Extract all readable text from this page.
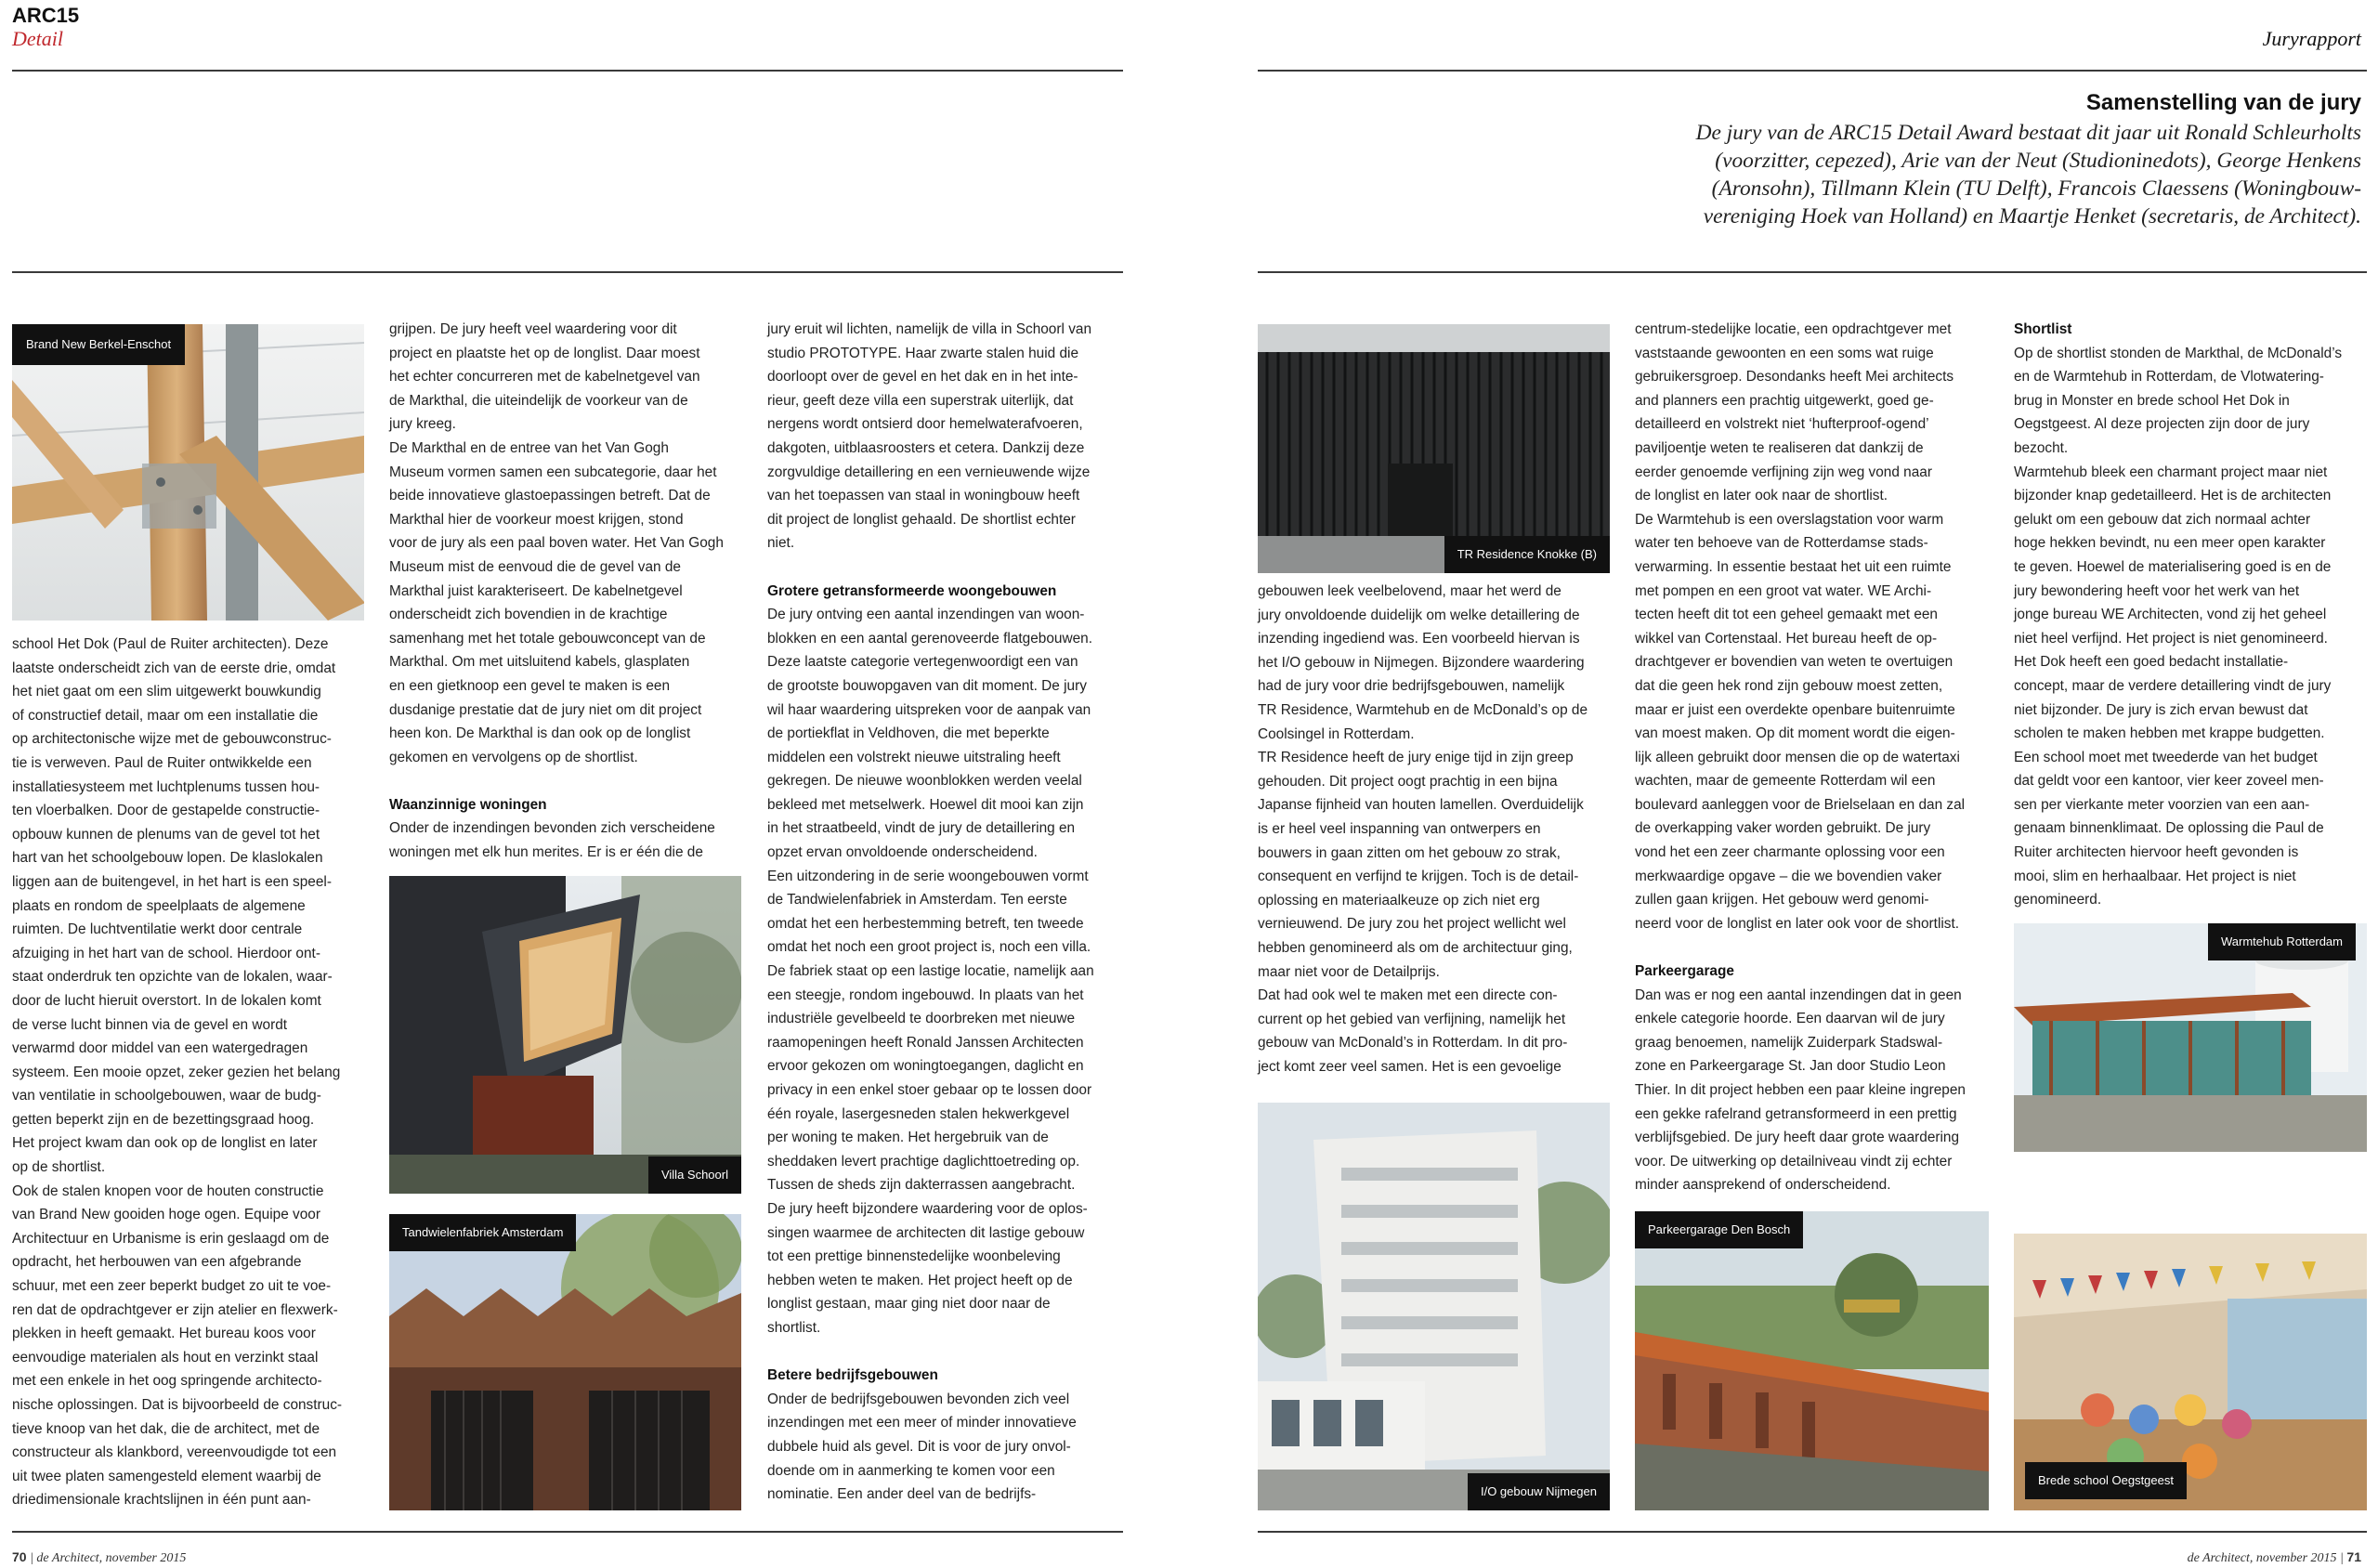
ARC15
Detail	Juryrapport
Samenstelling van de jury
De jury van de ARC15 Detail Award bestaat dit jaar uit Ronald Schleurholts
(voorzitter, cepezed), Arie van der Neut (Studioninedots), George Henkens
(Aronsohn), Tillmann Klein (TU Delft), Francois Claessens (Woningbouw-
vereniging Hoek van Holland) en Maartje Henket (secretaris, de Architect).
Brand New Berkel-Enschot
Villa Schoorl
Tandwielenfabriek Amsterdam
TR Residence Knokke (B)
I/O gebouw Nijmegen
Parkeergarage Den Bosch
Warmtehub Rotterdam
Brede school Oegstgeest

school Het Dok (Paul de Ruiter architecten). Deze
laatste onderscheidt zich van de eerste drie, omdat
het niet gaat om een slim uitgewerkt bouwkundig
of constructief detail, maar om een installatie die
op architectonische wijze met de gebouwconstruc-
tie is verweven. Paul de Ruiter ontwikkelde een
installatiesysteem met luchtplenums tussen hou-
ten vloerbalken. Door de gestapelde constructie-
opbouw kunnen de plenums van de gevel tot het
hart van het schoolgebouw lopen. De klaslokalen
liggen aan de buitengevel, in het hart is een speel-
plaats en rondom de speelplaats de algemene
ruimten. De luchtventilatie werkt door centrale
afzuiging in het hart van de school. Hierdoor ont-
staat onderdruk ten opzichte van de lokalen, waar-
door de lucht hieruit overstort. In de lokalen komt
de verse lucht binnen via de gevel en wordt
verwarmd door middel van een watergedragen
systeem. Een mooie opzet, zeker gezien het belang
van ventilatie in schoolgebouwen, waar de budg-
getten beperkt zijn en de bezettingsgraad hoog.
Het project kwam dan ook op de longlist en later
op de shortlist.
Ook de stalen knopen voor de houten constructie
van Brand New gooiden hoge ogen. Equipe voor
Architectuur en Urbanisme is erin geslaagd om de
opdracht, het herbouwen van een afgebrande
schuur, met een zeer beperkt budget zo uit te voe-
ren dat de opdrachtgever er zijn atelier en flexwerk-
plekken in heeft gemaakt. Het bureau koos voor
eenvoudige materialen als hout en verzinkt staal
met een enkele in het oog springende architecto-
nische oplossingen. Dat is bijvoorbeeld de construc-
tieve knoop van het dak, die de architect, met de
constructeur als klankbord, vereenvoudigde tot een
uit twee platen samengesteld element waarbij de
driedimensionale krachtslijnen in één punt aan-

grijpen. De jury heeft veel waardering voor dit
project en plaatste het op de longlist. Daar moest
het echter concurreren met de kabelnetgevel van
de Markthal, die uiteindelijk de voorkeur van de
jury kreeg.
De Markthal en de entree van het Van Gogh
Museum vormen samen een subcategorie, daar het
beide innovatieve glastoepassingen betreft. Dat de
Markthal hier de voorkeur moest krijgen, stond
voor de jury als een paal boven water. Het Van Gogh
Museum mist de eenvoud die de gevel van de
Markthal juist karakteriseert. De kabelnetgevel
onderscheidt zich bovendien in de krachtige
samenhang met het totale gebouwconcept van de
Markthal. Om met uitsluitend kabels, glasplaten
en een gietknoop een gevel te maken is een
dusdanige prestatie dat de jury niet om dit project
heen kon. De Markthal is dan ook op de longlist
gekomen en vervolgens op de shortlist.

Waanzinnige woningen

Onder de inzendingen bevonden zich verscheidene
woningen met elk hun merites. Er is er één die de

jury eruit wil lichten, namelijk de villa in Schoorl van
studio PROTOTYPE. Haar zwarte stalen huid die
doorloopt over de gevel en het dak en in het inte-
rieur, geeft deze villa een superstrak uiterlijk, dat
nergens wordt ontsierd door hemelwaterafvoeren,
dakgoten, uitblaasroosters et cetera. Dankzij deze
zorgvuldige detaillering en een vernieuwende wijze
van het toepassen van staal in woningbouw heeft
dit project de longlist gehaald. De shortlist echter
niet.

Grotere getransformeerde woongebouwen

De jury ontving een aantal inzendingen van woon-
blokken en een aantal gerenoveerde flatgebouwen.
Deze laatste categorie vertegenwoordigt een van
de grootste bouwopgaven van dit moment. De jury
wil haar waardering uitspreken voor de aanpak van
de portiekflat in Veldhoven, die met beperkte
middelen een volstrekt nieuwe uitstraling heeft
gekregen. De nieuwe woonblokken werden veelal
bekleed met metselwerk. Hoewel dit mooi kan zijn
in het straatbeeld, vindt de jury de detaillering en
opzet ervan onvoldoende onderscheidend.
Een uitzondering in de serie woongebouwen vormt
de Tandwielenfabriek in Amsterdam. Ten eerste
omdat het een herbestemming betreft, ten tweede
omdat het noch een groot project is, noch een villa.
De fabriek staat op een lastige locatie, namelijk aan
een steegje, rondom ingebouwd. In plaats van het
industriële gevelbeeld te doorbreken met nieuwe
raamopeningen heeft Ronald Janssen Architecten
ervoor gekozen om woningtoegangen, daglicht en
privacy in een enkel stoer gebaar op te lossen door
één royale, lasergesneden stalen hekwerkgevel
per woning te maken. Het hergebruik van de
sheddaken levert prachtige daglichttoetreding op.
Tussen de sheds zijn dakterrassen aangebracht.
De jury heeft bijzondere waardering voor de oplos-
singen waarmee de architecten dit lastige gebouw
tot een prettige binnenstedelijke woonbeleving
hebben weten te maken. Het project heeft op de
longlist gestaan, maar ging niet door naar de
shortlist.

Betere bedrijfsgebouwen

Onder de bedrijfsgebouwen bevonden zich veel
inzendingen met een meer of minder innovatieve
dubbele huid als gevel. Dit is voor de jury onvol-
doende om in aanmerking te komen voor een
nominatie. Een ander deel van de bedrijfs-

gebouwen leek veelbelovend, maar het werd de
jury onvoldoende duidelijk om welke detaillering de
inzending ingediend was. Een voorbeeld hiervan is
het I/O gebouw in Nijmegen. Bijzondere waardering
had de jury voor drie bedrijfsgebouwen, namelijk
TR Residence, Warmtehub en de McDonald’s op de
Coolsingel in Rotterdam.
TR Residence heeft de jury enige tijd in zijn greep
gehouden. Dit project oogt prachtig in een bijna
Japanse fijnheid van houten lamellen. Overduidelijk
is er heel veel inspanning van ontwerpers en
bouwers in gaan zitten om het gebouw zo strak,
consequent en verfijnd te krijgen. Toch is de detail-
oplossing en materiaalkeuze op zich niet erg
vernieuwend. De jury zou het project wellicht wel
hebben genomineerd als om de architectuur ging,
maar niet voor de Detailprijs.
Dat had ook wel te maken met een directe con-
current op het gebied van verfijning, namelijk het
gebouw van McDonald’s in Rotterdam. In dit pro-
ject komt zeer veel samen. Het is een gevoelige

centrum-stedelijke locatie, een opdrachtgever met
vaststaande gewoonten en een soms wat ruige
gebruikersgroep. Desondanks heeft Mei architects
and planners een prachtig uitgewerkt, goed ge-
detailleerd en volstrekt niet ‘hufterproof-ogend’
paviljoentje weten te realiseren dat dankzij de
eerder genoemde verfijning zijn weg vond naar
de longlist en later ook naar de shortlist.
De Warmtehub is een overslagstation voor warm
water ten behoeve van de Rotterdamse stads-
verwarming. In essentie bestaat het uit een ruimte
met pompen en een groot vat water. WE Archi-
tecten heeft dit tot een geheel gemaakt met een
wikkel van Cortenstaal. Het bureau heeft de op-
drachtgever er bovendien van weten te overtuigen
dat die geen hek rond zijn gebouw moest zetten,
maar er juist een overdekte openbare buitenruimte
van moest maken. Op dit moment wordt die eigen-
lijk alleen gebruikt door mensen die op de watertaxi
wachten, maar de gemeente Rotterdam wil een
boulevard aanleggen voor de Brielselaan en dan zal
de overkapping vaker worden gebruikt. De jury
vond het een zeer charmante oplossing voor een
merkwaardige opgave – die we bovendien vaker
zullen gaan krijgen. Het gebouw werd genomi-
neerd voor de longlist en later ook voor de shortlist.

Parkeergarage

Dan was er nog een aantal inzendingen dat in geen
enkele categorie hoorde. Een daarvan wil de jury
graag benoemen, namelijk Zuiderpark Stadswal-
zone en Parkeergarage St. Jan door Studio Leon
Thier. In dit project hebben een paar kleine ingrepen
een gekke rafelrand getransformeerd in een prettig
verblijfsgebied. De jury heeft daar grote waardering
voor. De uitwerking op detailniveau vindt zij echter
minder aansprekend of onderscheidend.

Shortlist

Op de shortlist stonden de Markthal, de McDonald’s
en de Warmtehub in Rotterdam, de Vlotwatering-
brug in Monster en brede school Het Dok in
Oegstgeest. Al deze projecten zijn door de jury
bezocht.
Warmtehub bleek een charmant project maar niet
bijzonder knap gedetailleerd. Het is de architecten
gelukt om een gebouw dat zich normaal achter
hoge hekken bevindt, nu een meer open karakter
te geven. Hoewel de materialisering goed is en de
jury bewondering heeft voor het werk van het
jonge bureau WE Architecten, vond zij het geheel
niet heel verfijnd. Het project is niet genomineerd.
Het Dok heeft een goed bedacht installatie-
concept, maar de verdere detaillering vindt de jury
niet bijzonder. De jury is zich ervan bewust dat
scholen te maken hebben met krappe budgetten.
Een school moet met tweederde van het budget
dat geldt voor een kantoor, vier keer zoveel men-
sen per vierkante meter voorzien van een aan-
genaam binnenklimaat. De oplossing die Paul de
Ruiter architecten hiervoor heeft gevonden is
mooi, slim en herhaalbaar. Het project is niet
genomineerd.

70 | de Architect, november 2015	de Architect, november 2015 | 71
